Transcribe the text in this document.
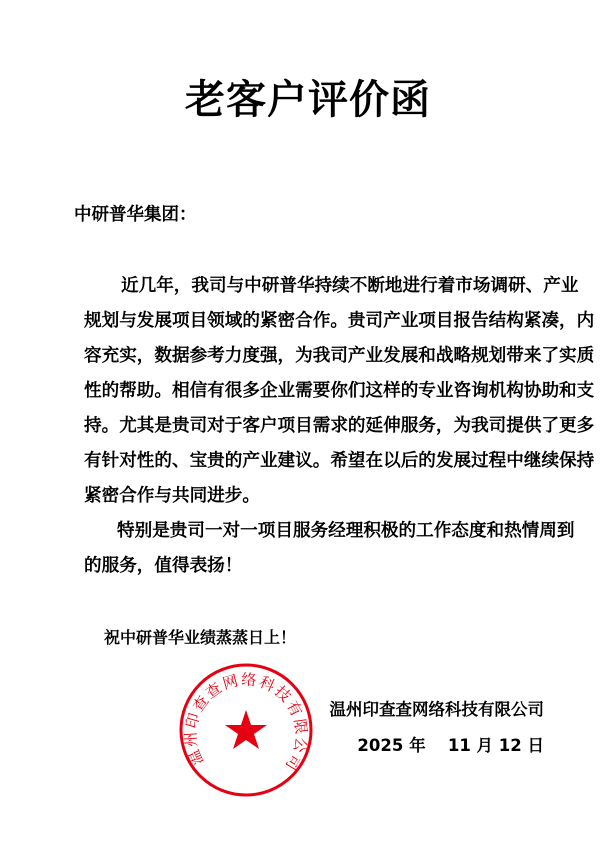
老客户评价函
中研普华集团：
近几年，我司与中研普华持续不断地进行着市场调研、产业
规划与发展项目领域的紧密合作。贵司产业项目报告结构紧凑，内
容充实，数据参考力度强，为我司产业发展和战略规划带来了实质
性的帮助。相信有很多企业需要你们这样的专业咨询机构协助和支
持。尤其是贵司对于客户项目需求的延伸服务，为我司提供了更多
有针对性的、宝贵的产业建议。希望在以后的发展过程中继续保持
紧密合作与共同进步。
特别是贵司一对一项目服务经理积极的工作态度和热情周到
的服务，值得表扬！
祝中研普华业绩蒸蒸日上！
温州印查查网络科技有限公司
温州印查查网络科技有限公司
2025 年　 11 月 12 日
